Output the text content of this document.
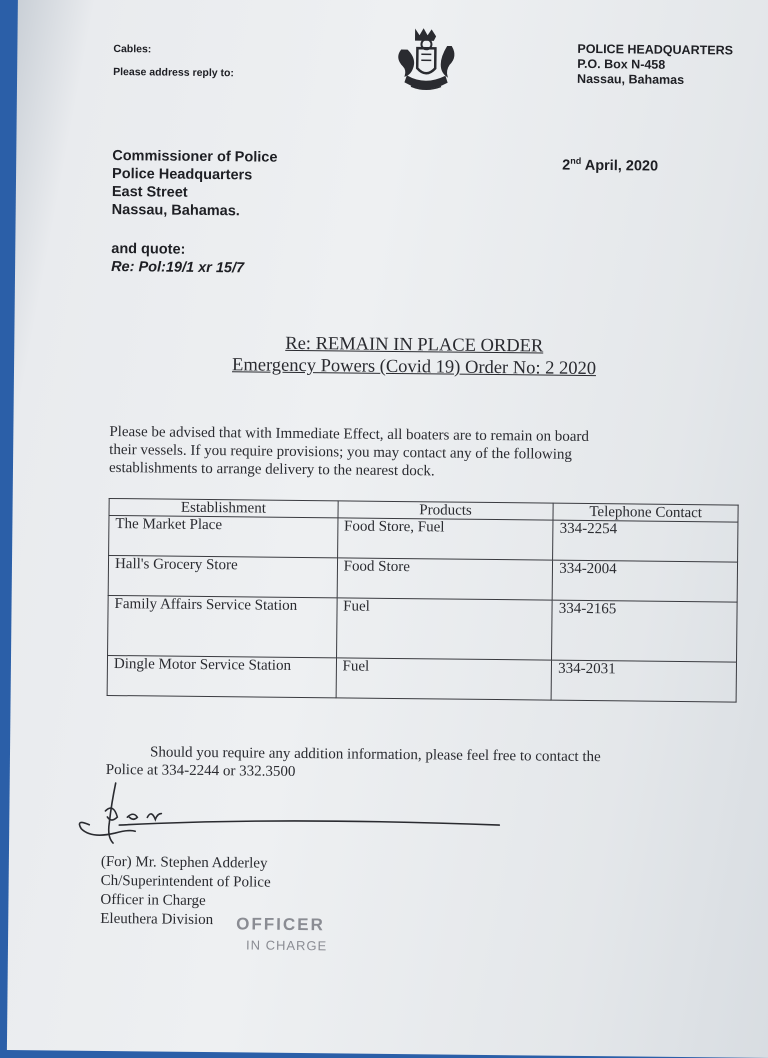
Cables:
Please address reply to:
POLICE HEADQUARTERS
P.O. Box N-458
Nassau, Bahamas
Commissioner of Police
Police Headquarters
East Street
Nassau, Bahamas.
and quote:
Re: Pol:19/1 xr 15/7
2nd April, 2020
Re: REMAIN IN PLACE ORDER
Emergency Powers (Covid 19) Order No: 2 2020
Please be advised that with Immediate Effect, all boaters are to remain on board
their vessels. If you require provisions; you may contact any of the following
establishments to arrange delivery to the nearest dock.
Establishment	Products	Telephone Contact
The Market Place	Food Store, Fuel	334-2254
Hall's Grocery Store	Food Store	334-2004
Family Affairs Service Station	Fuel	334-2165
Dingle Motor Service Station	Fuel	334-2031
Should you require any addition information, please feel free to contact the
Police at 334-2244 or 332.3500
(For) Mr. Stephen Adderley
Ch/Superintendent of Police
Officer in Charge
Eleuthera Division	OFFICER
IN CHARGE
